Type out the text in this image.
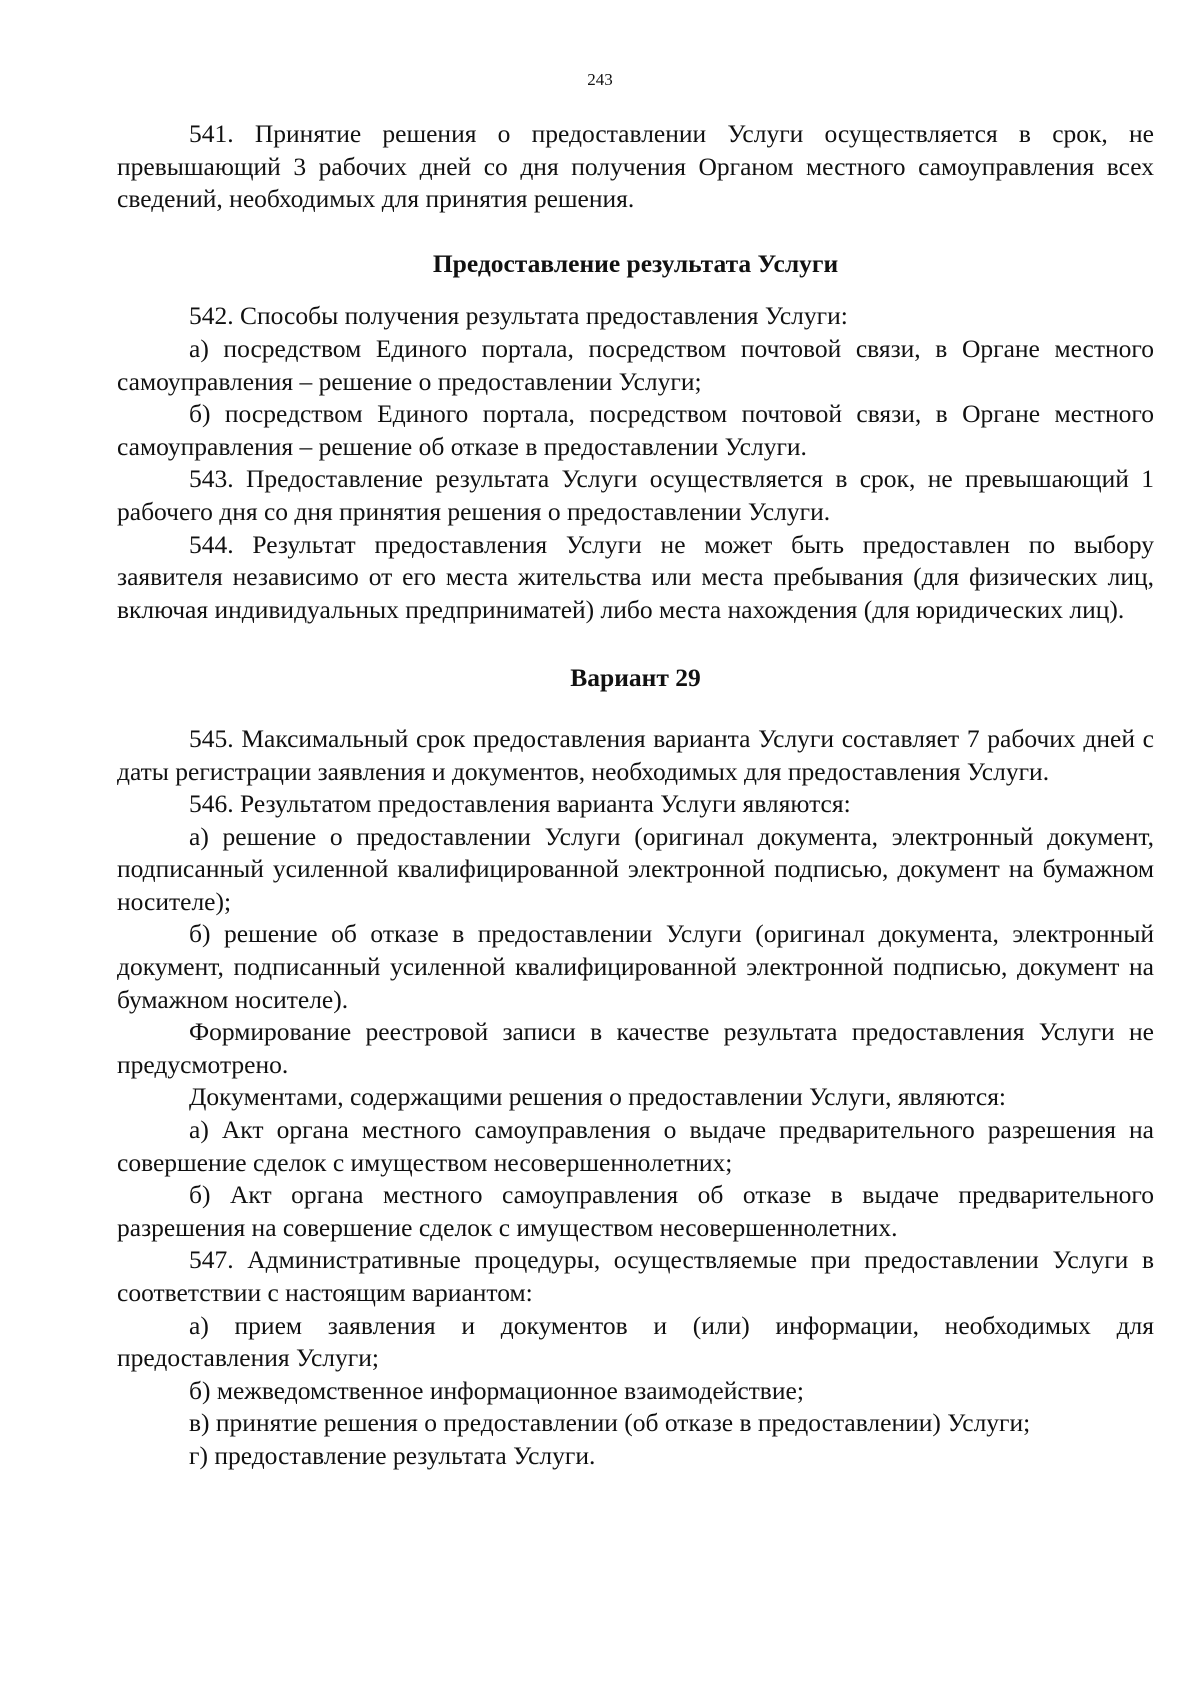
243

541. Принятие решения о предоставлении Услуги осуществляется в срок, не превышающий 3 рабочих дней со дня получения Органом местного самоуправления всех сведений, необходимых для принятия решения.

Предоставление результата Услуги

542. Способы получения результата предоставления Услуги:

а) посредством Единого портала, посредством почтовой связи, в Органе местного самоуправления – решение о предоставлении Услуги;

б) посредством Единого портала, посредством почтовой связи, в Органе местного самоуправления – решение об отказе в предоставлении Услуги.

543. Предоставление результата Услуги осуществляется в срок, не превышающий 1 рабочего дня со дня принятия решения о предоставлении Услуги.

544. Результат предоставления Услуги не может быть предоставлен по выбору заявителя независимо от его места жительства или места пребывания (для физических лиц, включая индивидуальных предприниматей) либо места нахождения (для юридических лиц).

Вариант 29

545. Максимальный срок предоставления варианта Услуги составляет 7 рабочих дней с даты регистрации заявления и документов, необходимых для предоставления Услуги.

546. Результатом предоставления варианта Услуги являются:

а) решение о предоставлении Услуги (оригинал документа, электронный документ, подписанный усиленной квалифицированной электронной подписью, документ на бумажном носителе);

б) решение об отказе в предоставлении Услуги (оригинал документа, электронный документ, подписанный усиленной квалифицированной электронной подписью, документ на бумажном носителе).

Формирование реестровой записи в качестве результата предоставления Услуги не предусмотрено.

Документами, содержащими решения о предоставлении Услуги, являются:

а) Акт органа местного самоуправления о выдаче предварительного разрешения на совершение сделок с имуществом несовершеннолетних;

б) Акт органа местного самоуправления об отказе в выдаче предварительного разрешения на совершение сделок с имуществом несовершеннолетних.

547. Административные процедуры, осуществляемые при предоставлении Услуги в соответствии с настоящим вариантом:

а) прием заявления и документов и (или) информации, необходимых для предоставления Услуги;

б) межведомственное информационное взаимодействие;

в) принятие решения о предоставлении (об отказе в предоставлении) Услуги;

г) предоставление результата Услуги.
